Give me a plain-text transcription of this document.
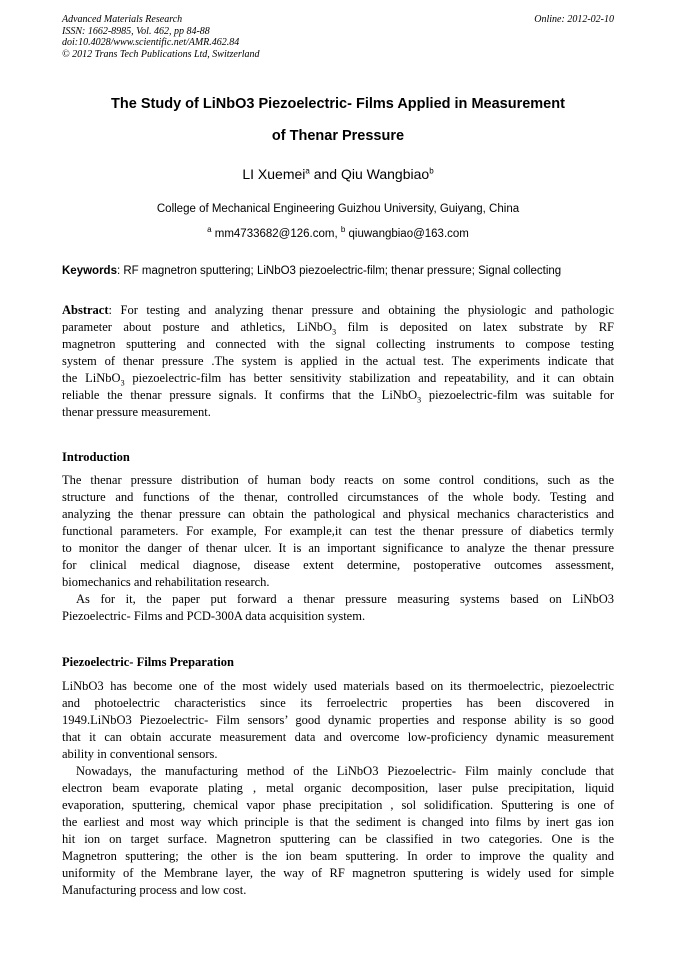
Advanced Materials Research
ISSN: 1662-8985, Vol. 462, pp 84-88
doi:10.4028/www.scientific.net/AMR.462.84
© 2012 Trans Tech Publications Ltd, Switzerland
Online: 2012-02-10
The Study of LiNbO3 Piezoelectric- Films Applied in Measurement
of Thenar Pressure
LI Xuemei$^a$ and Qiu Wangbiao$^b$
College of Mechanical Engineering Guizhou University, Guiyang, China
$^a$ mm4733682@126.com, $^b$ qiuwangbiao@163.com
Keywords: RF magnetron sputtering; LiNbO3 piezoelectric-film; thenar pressure; Signal collecting
Abstract: For testing and analyzing thenar pressure and obtaining the physiologic and pathologic
parameter about posture and athletics, LiNbO$_3$ film is deposited on latex substrate by RF
magnetron sputtering and connected with the signal collecting instruments to compose testing
system of thenar pressure .The system is applied in the actual test. The experiments indicate that
the LiNbO$_3$ piezoelectric-film has better sensitivity stabilization and repeatability, and it can obtain
reliable the thenar pressure signals. It confirms that the LiNbO$_3$ piezoelectric-film was suitable for
thenar pressure measurement.
Introduction
The thenar pressure distribution of human body reacts on some control conditions, such as the
structure and functions of the thenar, controlled circumstances of the whole body. Testing and
analyzing the thenar pressure can obtain the pathological and physical mechanics characteristics and
functional parameters. For example, For example,it can test the thenar pressure of diabetics termly
to monitor the danger of thenar ulcer. It is an important significance to analyze the thenar pressure
for clinical medical diagnose, disease extent determine, postoperative outcomes assessment,
biomechanics and rehabilitation research.
As for it, the paper put forward a thenar pressure measuring systems based on LiNbO3
Piezoelectric- Films and PCD-300A data acquisition system.
Piezoelectric- Films Preparation
LiNbO3 has become one of the most widely used materials based on its thermoelectric, piezoelectric
and photoelectric characteristics since its ferroelectric properties has been discovered in
1949.LiNbO3 Piezoelectric- Film sensors’ good dynamic properties and response ability is so good
that it can obtain accurate measurement data and overcome low-proficiency dynamic measurement
ability in conventional sensors.
Nowadays, the manufacturing method of the LiNbO3 Piezoelectric- Film mainly conclude that
electron beam evaporate plating , metal organic decomposition, laser pulse precipitation, liquid
evaporation, sputtering, chemical vapor phase precipitation , sol solidification. Sputtering is one of
the earliest and most way which principle is that the sediment is changed into films by inert gas ion
hit ion on target surface. Magnetron sputtering can be classified in two categories. One is the
Magnetron sputtering; the other is the ion beam sputtering. In order to improve the quality and
uniformity of the Membrane layer, the way of RF magnetron sputtering is widely used for simple
Manufacturing process and low cost.
